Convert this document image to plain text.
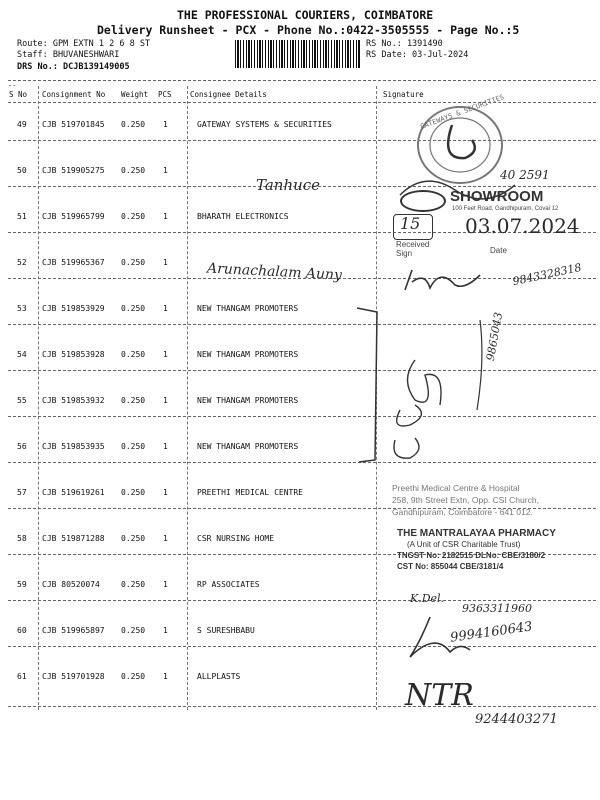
THE PROFESSIONAL COURIERS, COIMBATORE
Delivery Runsheet - PCX - Phone No.:0422-3505555 - Page No.:5
Route: GPM EXTN 1 2 6 8 ST
Staff: BHUVANESHWARI
DRS No.: DCJB139149005
RS No.: 1391490
RS Date: 03-Jul-2024
--
S No Consignment No Weight PCS Consignee Details	Signature
49 CJB 519701845 0.250 1	GATEWAY SYSTEMS & SECURITIES
50 CJB 519905275 0.250 1
51 CJB 519965799 0.250 1	BHARATH ELECTRONICS
52 CJB 519965367 0.250 1
53 CJB 519853929 0.250 1	NEW THANGAM PROMOTERS
54 CJB 519853928 0.250 1	NEW THANGAM PROMOTERS
55 CJB 519853932 0.250 1	NEW THANGAM PROMOTERS
56 CJB 519853935 0.250 1	NEW THANGAM PROMOTERS
57 CJB 519619261 0.250 1	PREETHI MEDICAL CENTRE
58 CJB 519871288 0.250 1	CSR NURSING HOME
59 CJB 80520074	0.250 1	RP ASSOCIATES
60 CJB 519965897 0.250 1	S SURESHBABU
61 CJB 519701928 0.250 1	ALLPLASTS
Tanhuce
Arunachalam Auny
GATEWAYS & SECURITIES
40 2591
SHOWROOM
100 Feet Road, Gandhipuram, Covai 12
15
Received Sign
03.07.2024
Date
9843328318
9865043
Preethi Medical Centre & Hospital
258, 9th Street Extn, Opp. CSI Church,
Gandhipuram, Coimbatore - 641 012.
THE MANTRALAYAA PHARMACY
(A Unit of CSR Charitable Trust)
TNGST No: 2182515 DLNo: CBE/3180/2
CST No: 855044 CBE/3181/4
K.Del.
9363311960
9994160643
NTR
9244403271
